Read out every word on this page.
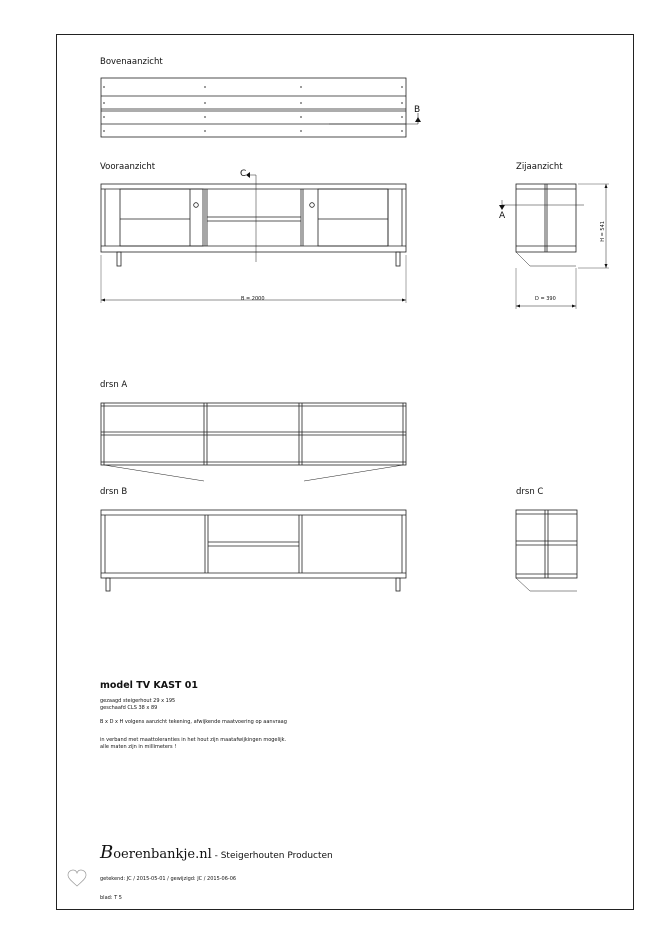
Bovenaanzicht
Vooraanzicht	Zijaanzicht
drsn A
drsn B	drsn C
B
C
A
B = 2000	D = 390
H = 541
model TV KAST 01
gezaagd steigerhout 29 x 195
geschaafd CLS 38 x 89
B x D x H volgens aanzicht tekening, afwijkende maatvoering op aanvraag
in verband met maattoleranties in het hout zijn maatafwijkingen mogelijk.
alle maten zijn in millimeters !
Boerenbankje.nl - Steigerhouten Producten
getekend: JC / 2015-05-01 / gewijzigd: JC / 2015-06-06
blad: T 5
